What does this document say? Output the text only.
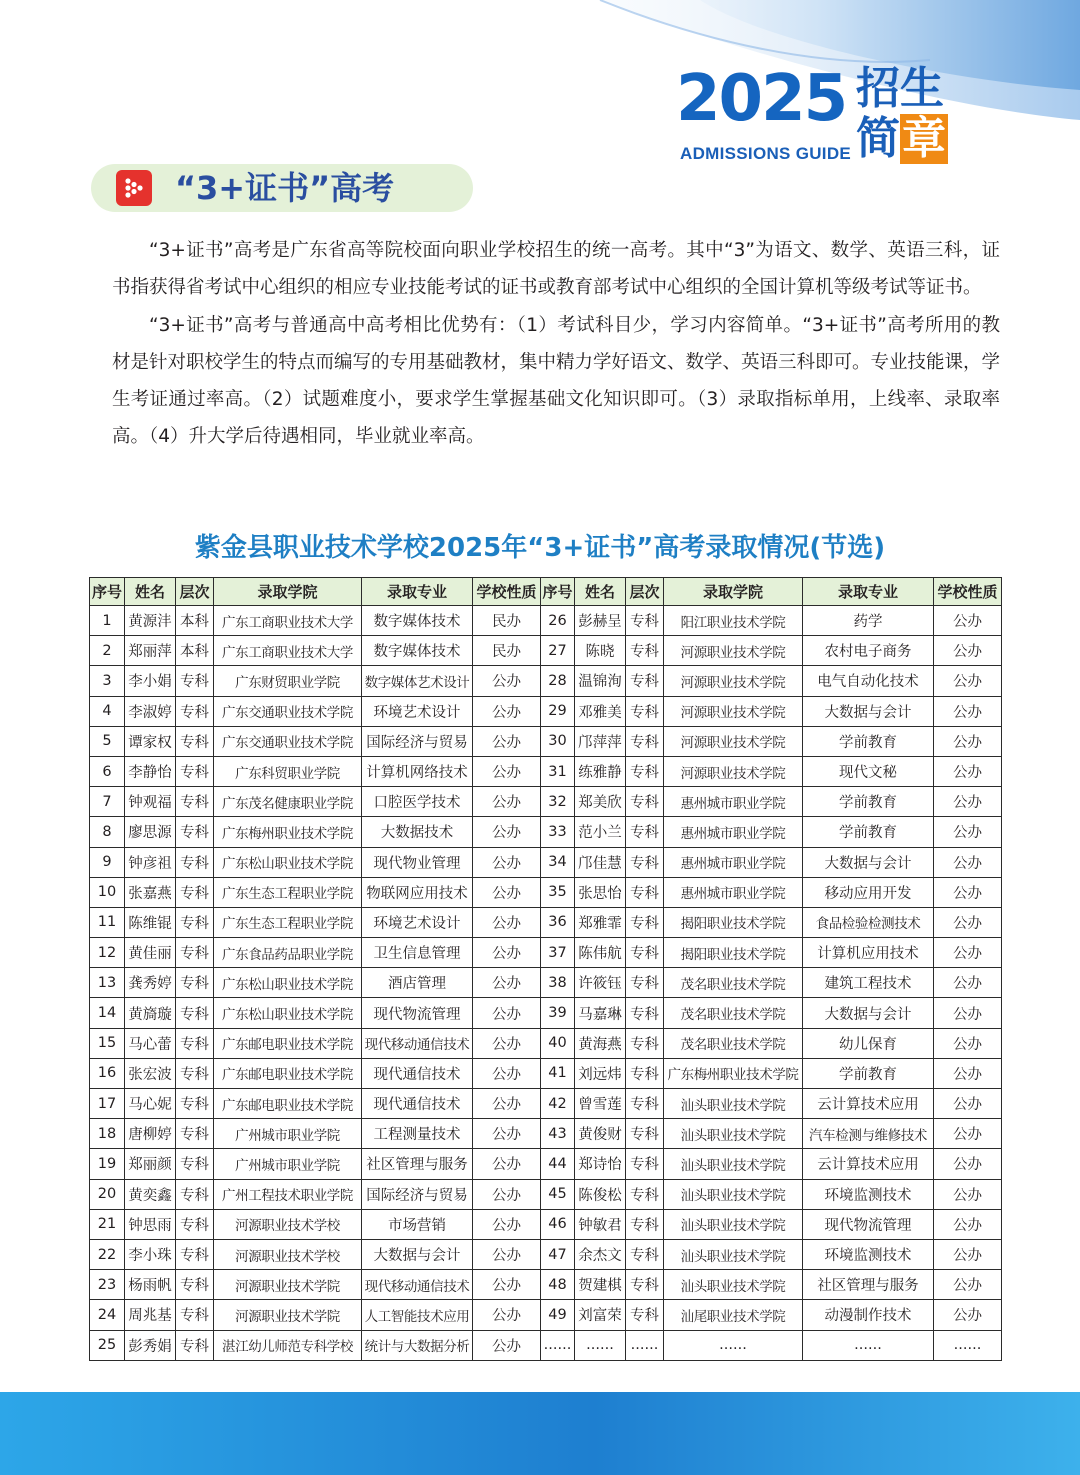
2025 招生
简章
ADMISSIONS GUIDE
“3+证书”高考

“3+证书”高考是广东省高等院校面向职业学校招生的统一高考。其中“3”为语文、数学、英语三科，证书指获得省考试中心组织的相应专业技能考试的证书或教育部考试中心组织的全国计算机等级考试等证书。

“3+证书”高考与普通高中高考相比优势有：（1）考试科目少，学习内容简单。“3+证书”高考所用的教材是针对职校学生的特点而编写的专用基础教材，集中精力学好语文、数学、英语三科即可。专业技能课，学生考证通过率高。（2）试题难度小，要求学生掌握基础文化知识即可。（3）录取指标单用，上线率、录取率高。（4）升大学后待遇相同，毕业就业率高。

紫金县职业技术学校2025年“3+证书”高考录取情况(节选)
序号	姓名	层次	录取学院	录取专业	学校性质	序号	姓名	层次	录取学院	录取专业	学校性质
1	黄源沣	本科	广东工商职业技术大学	数字媒体技术	民办	26	彭赫呈	专科	阳江职业技术学院	药学	公办
2	郑丽萍	本科	广东工商职业技术大学	数字媒体技术	民办	27	陈晓	专科	河源职业技术学院	农村电子商务	公办
3	李小娟	专科	广东财贸职业学院	数字媒体艺术设计	公办	28	温锦洵	专科	河源职业技术学院	电气自动化技术	公办
4	李淑婷	专科	广东交通职业技术学院	环境艺术设计	公办	29	邓雅美	专科	河源职业技术学院	大数据与会计	公办
5	谭家权	专科	广东交通职业技术学院	国际经济与贸易	公办	30	邝萍萍	专科	河源职业技术学院	学前教育	公办
6	李静怡	专科	广东科贸职业学院	计算机网络技术	公办	31	练雅静	专科	河源职业技术学院	现代文秘	公办
7	钟观福	专科	广东茂名健康职业学院	口腔医学技术	公办	32	郑美欣	专科	惠州城市职业学院	学前教育	公办
8	廖思源	专科	广东梅州职业技术学院	大数据技术	公办	33	范小兰	专科	惠州城市职业学院	学前教育	公办
9	钟彦祖	专科	广东松山职业技术学院	现代物业管理	公办	34	邝佳慧	专科	惠州城市职业学院	大数据与会计	公办
10	张嘉燕	专科	广东生态工程职业学院	物联网应用技术	公办	35	张思怡	专科	惠州城市职业学院	移动应用开发	公办
11	陈维锟	专科	广东生态工程职业学院	环境艺术设计	公办	36	郑雅霏	专科	揭阳职业技术学院	食品检验检测技术	公办
12	黄佳丽	专科	广东食品药品职业学院	卫生信息管理	公办	37	陈伟航	专科	揭阳职业技术学院	计算机应用技术	公办
13	龚秀婷	专科	广东松山职业技术学院	酒店管理	公办	38	许筱钰	专科	茂名职业技术学院	建筑工程技术	公办
14	黄旖璇	专科	广东松山职业技术学院	现代物流管理	公办	39	马嘉琳	专科	茂名职业技术学院	大数据与会计	公办
15	马心蕾	专科	广东邮电职业技术学院	现代移动通信技术	公办	40	黄海燕	专科	茂名职业技术学院	幼儿保育	公办
16	张宏波	专科	广东邮电职业技术学院	现代通信技术	公办	41	刘远炜	专科	广东梅州职业技术学院	学前教育	公办
17	马心妮	专科	广东邮电职业技术学院	现代通信技术	公办	42	曾雪莲	专科	汕头职业技术学院	云计算技术应用	公办
18	唐柳婷	专科	广州城市职业学院	工程测量技术	公办	43	黄俊财	专科	汕头职业技术学院	汽车检测与维修技术	公办
19	郑丽颜	专科	广州城市职业学院	社区管理与服务	公办	44	郑诗怡	专科	汕头职业技术学院	云计算技术应用	公办
20	黄奕鑫	专科	广州工程技术职业学院	国际经济与贸易	公办	45	陈俊松	专科	汕头职业技术学院	环境监测技术	公办
21	钟思雨	专科	河源职业技术学校	市场营销	公办	46	钟敏君	专科	汕头职业技术学院	现代物流管理	公办
22	李小珠	专科	河源职业技术学校	大数据与会计	公办	47	余杰文	专科	汕头职业技术学院	环境监测技术	公办
23	杨雨帆	专科	河源职业技术学院	现代移动通信技术	公办	48	贺建棋	专科	汕头职业技术学院	社区管理与服务	公办
24	周兆基	专科	河源职业技术学院	人工智能技术应用	公办	49	刘富荣	专科	汕尾职业技术学院	动漫制作技术	公办
25	彭秀娟	专科	湛江幼儿师范专科学校	统计与大数据分析	公办	......	......	......	......	......	......
